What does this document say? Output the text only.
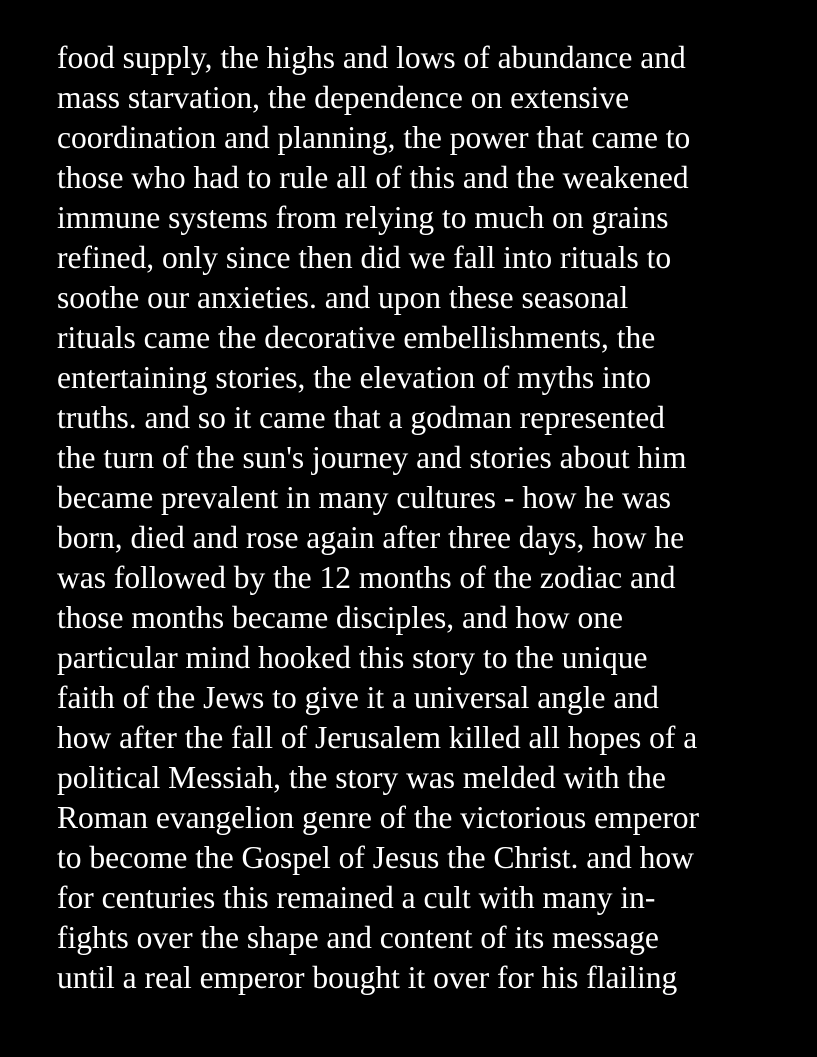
food supply, the highs and lows of abundance and
mass starvation, the dependence on extensive
coordination and planning, the power that came to
those who had to rule all of this and the weakened
immune systems from relying to much on grains
refined, only since then did we fall into rituals to
soothe our anxieties. and upon these seasonal
rituals came the decorative embellishments, the
entertaining stories, the elevation of myths into
truths. and so it came that a godman represented
the turn of the sun's journey and stories about him
became prevalent in many cultures - how he was
born, died and rose again after three days, how he
was followed by the 12 months of the zodiac and
those months became disciples, and how one
particular mind hooked this story to the unique
faith of the Jews to give it a universal angle and
how after the fall of Jerusalem killed all hopes of a
political Messiah, the story was melded with the
Roman evangelion genre of the victorious emperor
to become the Gospel of Jesus the Christ. and how
for centuries this remained a cult with many in-
fights over the shape and content of its message
until a real emperor bought it over for his flailing
